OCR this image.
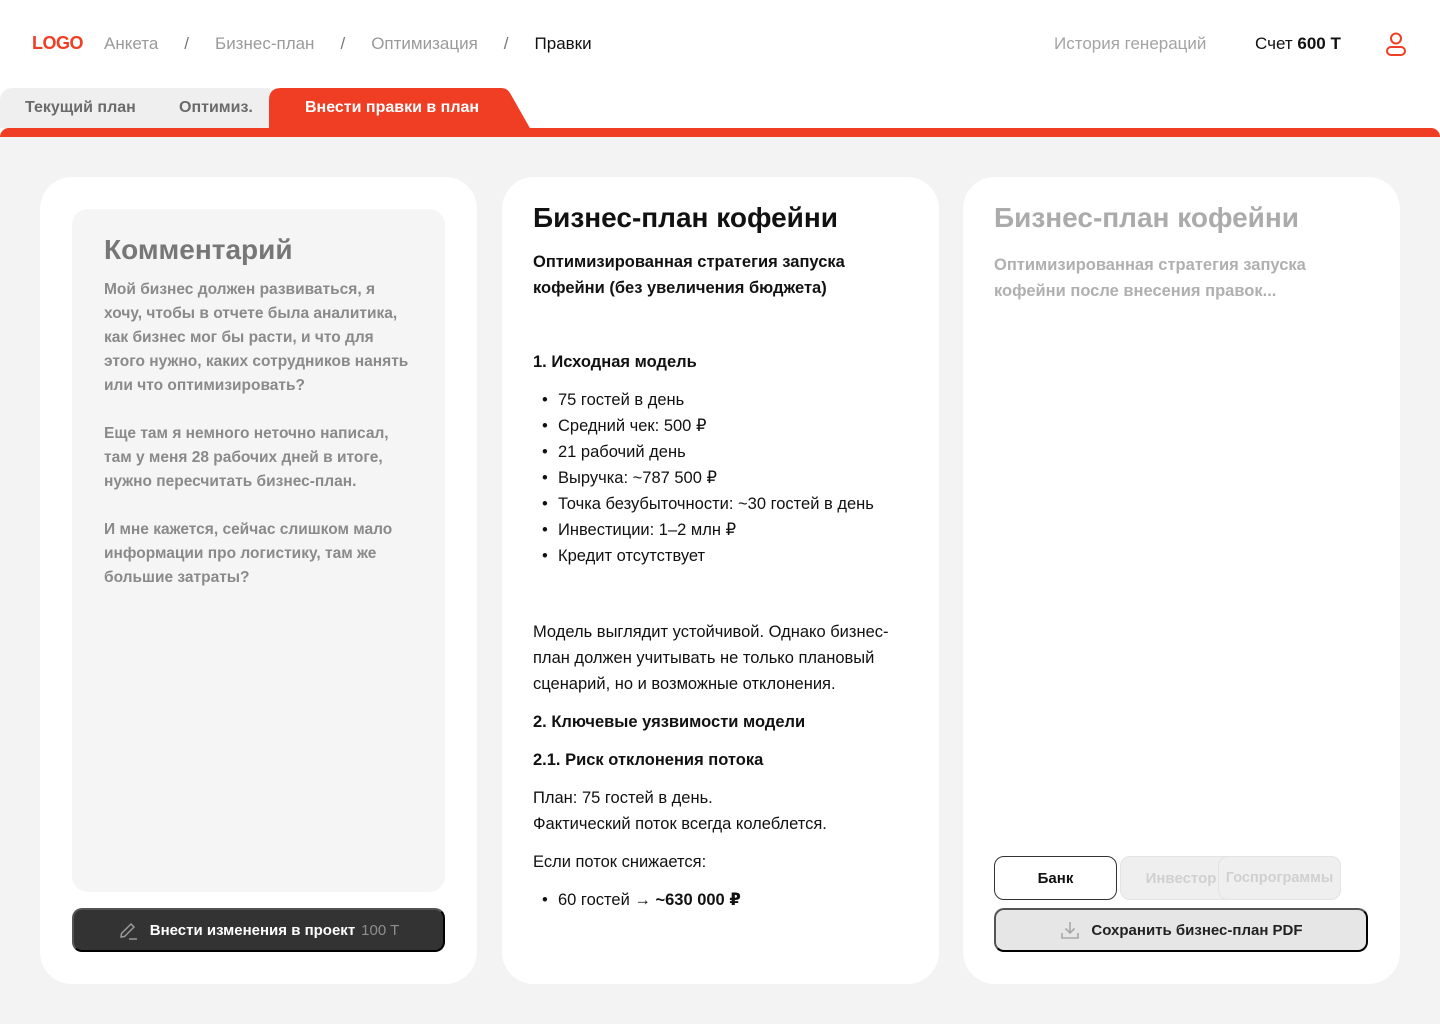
LOGO Анкета / Бизнес-план / Оптимизация / Правки	История генераций	Счет 600 T
Текущий план	Оптимиз.	Внести правки в план
Комментарий

Мой бизнес должен развиваться, я хочу, чтобы в отчете была аналитика, как бизнес мог бы расти, и что для этого нужно, каких сотрудников нанять или что оптимизировать?

Еще там я немного неточно написал, там у меня 28 рабочих дней в итоге, нужно пересчитать бизнес-план.

И мне кажется, сейчас слишком мало информации про логистику, там же большие затраты?

Внести изменения в проект 100 T
Бизнес-план кофейни
Оптимизированная стратегия запуска кофейни (без увеличения бюджета)
1. Исходная модель
• 75 гостей в день
• Средний чек: 500 ₽
• 21 рабочий день
• Выручка: ~787 500 ₽
• Точка безубыточности: ~30 гостей в день
• Инвестиции: 1–2 млн ₽
• Кредит отсутствует

Модель выглядит устойчивой. Однако бизнес-план должен учитывать не только плановый сценарий, но и возможные отклонения.

2. Ключевые уязвимости модели
2.1. Риск отклонения потока

План: 75 гостей в день.

Фактический поток всегда колеблется.

Если поток снижается:

• 60 гостей → ~630 000 ₽
Бизнес-план кофейни
Оптимизированная стратегия запуска кофейни после внесения правок...
Банк	Инвестор Госпрограммы
Сохранить бизнес-план PDF
